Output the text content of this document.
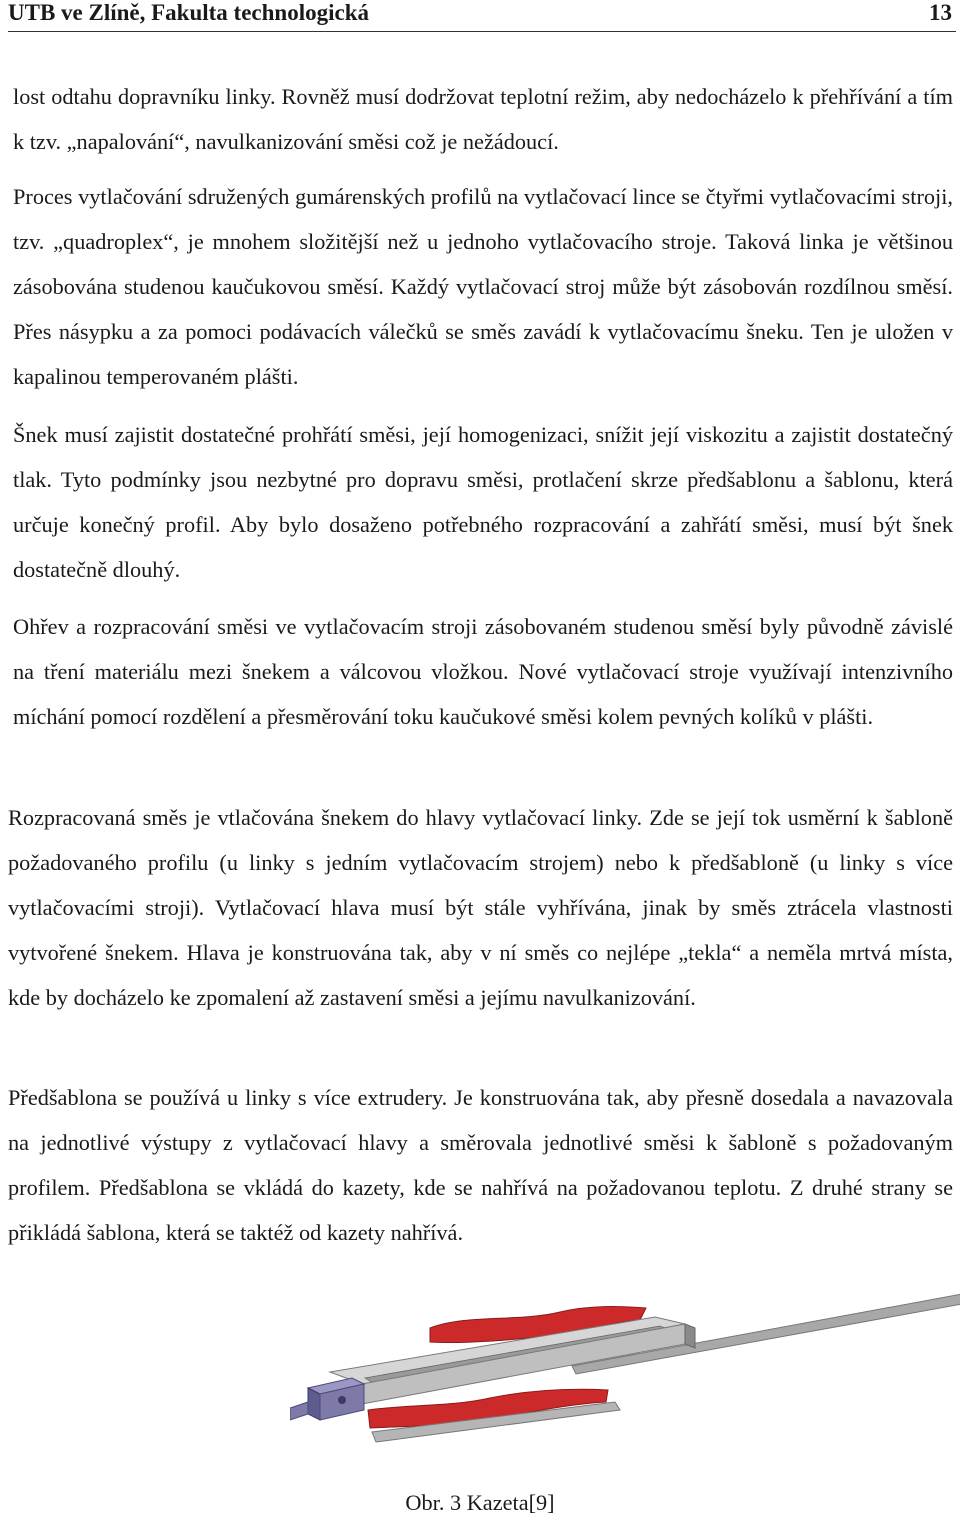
UTB ve Zlíně, Fakulta technologická	13

lost odtahu dopravníku linky. Rovněž musí dodržovat teplotní režim, aby nedocházelo k přehřívání a tím k tzv. „napalování“, navulkanizování směsi což je nežádoucí.

Proces vytlačování sdružených gumárenských profilů na vytlačovací lince se čtyřmi vytlačovacími stroji, tzv. „quadroplex“, je mnohem složitější než u jednoho vytlačovacího stroje. Taková linka je většinou zásobována studenou kaučukovou směsí. Každý vytlačovací stroj může být zásobován rozdílnou směsí. Přes násypku a za pomoci podávacích válečků se směs zavádí k vytlačovacímu šneku. Ten je uložen v kapalinou temperovaném plášti.

Šnek musí zajistit dostatečné prohřátí směsi, její homogenizaci, snížit její viskozitu a zajistit dostatečný tlak. Tyto podmínky jsou nezbytné pro dopravu směsi, protlačení skrze předšablonu a šablonu, která určuje konečný profil. Aby bylo dosaženo potřebného rozpracování a zahřátí směsi, musí být šnek dostatečně dlouhý.

Ohřev a rozpracování směsi ve vytlačovacím stroji zásobovaném studenou směsí byly původně závislé na tření materiálu mezi šnekem a válcovou vložkou. Nové vytlačovací stroje využívají intenzivního míchání pomocí rozdělení a přesměrování toku kaučukové směsi kolem pevných kolíků v plášti.

Rozpracovaná směs je vtlačována šnekem do hlavy vytlačovací linky. Zde se její tok usměrní k šabloně požadovaného profilu (u linky s jedním vytlačovacím strojem) nebo k předšabloně (u linky s více vytlačovacími stroji). Vytlačovací hlava musí být stále vyhřívána, jinak by směs ztrácela vlastnosti vytvořené šnekem. Hlava je konstruována tak, aby v ní směs co nejlépe „tekla“ a neměla mrtvá místa, kde by docházelo ke zpomalení až zastavení směsi a jejímu navulkanizování.

Předšablona se používá u linky s více extrudery. Je konstruována tak, aby přesně dosedala a navazovala na jednotlivé výstupy z vytlačovací hlavy a směrovala jednotlivé směsi k šabloně s požadovaným profilem. Předšablona se vkládá do kazety, kde se nahřívá na požadovanou teplotu. Z druhé strany se přikládá šablona, která se taktéž od kazety nahřívá.

Obr. 3 Kazeta[9]
